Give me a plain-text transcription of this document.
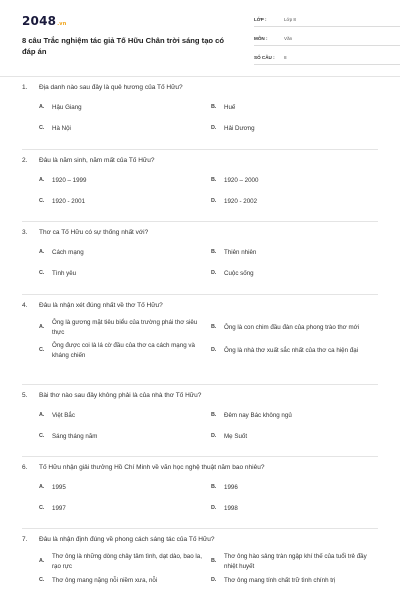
2048.vn
8 câu Trắc nghiệm tác giả Tố Hữu Chân trời sáng tạo có đáp án
LỚP :	Lớp 8
MÔN :	Văn
SỐ CÂU :	8
1.	Địa danh nào sau đây là quê hương của Tố Hữu?
A.	Hậu Giang	B.	Huế
C.	Hà Nội	D.	Hải Dương
2.	Đâu là năm sinh, năm mất của Tố Hữu?
A.	1920 – 1999	B.	1920 – 2000
C.	1920 - 2001	D.	1920 - 2002
3.	Thơ ca Tố Hữu có sự thống nhất với?
A.	Cách mạng	B.	Thiên nhiên
C.	Tình yêu	D.	Cuộc sống
4.	Đâu là nhận xét đúng nhất về thơ Tố Hữu?
A.
Ông là gương mặt tiêu biểu của trường phái thơ siêu thực
B.	Ông là con chim đầu đàn của phong trào thơ mới
C.
Ông được coi là lá cờ đầu của thơ ca cách mạng và kháng chiến
D.	Ông là nhà thơ xuất sắc nhất của thơ ca hiện đại
5.	Bài thơ nào sau đây không phải là của nhà thơ Tố Hữu?
A.	Việt Bắc	B.	Đêm nay Bác không ngủ
C.	Sáng tháng năm	D.	Mẹ Suốt
6.	Tố Hữu nhận giải thưởng Hồ Chí Minh về văn học nghệ thuật năm bao nhiêu?
A.	1995	B.	1996
C.	1997	D.	1998
7.	Đâu là nhận định đúng về phong cách sáng tác của Tố Hữu?
A.
Thơ ông là những dòng chảy tâm tình, dạt dào, bao la, rạo rực
B.
Thơ ông hào sảng tràn ngập khí thế của tuổi trẻ đầy nhiệt huyết
C.	Thơ ông mang nặng nỗi niềm xưa, nỗi	D.	Thơ ông mang tính chất trữ tình chính trị
